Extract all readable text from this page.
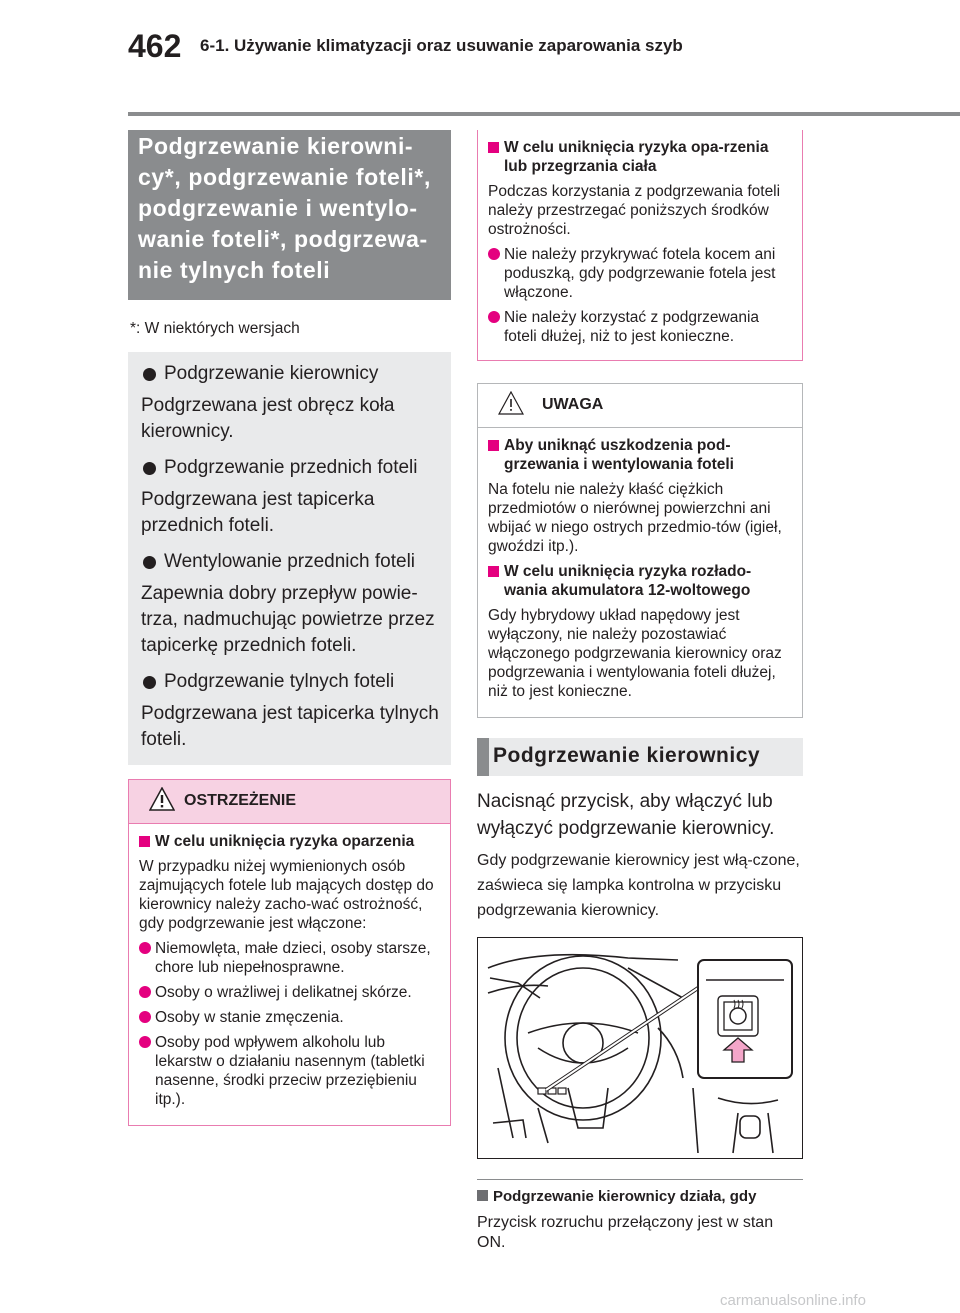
462 6-1. Używanie klimatyzacji oraz usuwanie zaparowania szyb
Podgrzewanie kierowni-
cy*, podgrzewanie foteli*,
podgrzewanie i wentylo-
wanie foteli*, podgrzewa-
nie tylnych foteli
*: W niektórych wersjach
Podgrzewanie kierownicy
Podgrzewana jest obręcz koła kierownicy.
Podgrzewanie przednich foteli
Podgrzewana jest tapicerka przednich foteli.
Wentylowanie przednich foteli
Zapewnia dobry przepływ powie-trza, nadmuchując powietrze przez tapicerkę przednich foteli.
Podgrzewanie tylnych foteli
Podgrzewana jest tapicerka tylnych foteli.
OSTRZEŻENIE
W celu uniknięcia ryzyka oparzenia
W przypadku niżej wymienionych osób zajmujących fotele lub mających dostęp do kierownicy należy zacho-wać ostrożność, gdy podgrzewanie jest włączone:
Niemowlęta, małe dzieci, osoby starsze, chore lub niepełnosprawne.
Osoby o wrażliwej i delikatnej skórze.
Osoby w stanie zmęczenia.
Osoby pod wpływem alkoholu lub lekarstw o działaniu nasennym (tabletki nasenne, środki przeciw przeziębieniu itp.).
W celu uniknięcia ryzyka opa-rzenia lub przegrzania ciała
Podczas korzystania z podgrzewania foteli należy przestrzegać poniższych środków ostrożności.
Nie należy przykrywać fotela kocem ani poduszką, gdy podgrzewanie fotela jest włączone.
Nie należy korzystać z podgrzewania foteli dłużej, niż to jest konieczne.
UWAGA
Aby uniknąć uszkodzenia pod-grzewania i wentylowania foteli
Na fotelu nie należy kłaść ciężkich przedmiotów o nierównej powierzchni ani wbijać w niego ostrych przedmio-tów (igieł, gwoździ itp.).
W celu uniknięcia ryzyka rozłado-wania akumulatora 12-woltowego
Gdy hybrydowy układ napędowy jest wyłączony, nie należy pozostawiać włączonego podgrzewania kierownicy oraz podgrzewania i wentylowania foteli dłużej, niż to jest konieczne.
Podgrzewanie kierownicy
Nacisnąć przycisk, aby włączyć lub wyłączyć podgrzewanie kierownicy.
Gdy podgrzewanie kierownicy jest włą-czone, zaświeca się lampka kontrolna w przycisku podgrzewania kierownicy.
Podgrzewanie kierownicy działa, gdy
Przycisk rozruchu przełączony jest w stan ON.
carmanualsonline.info
